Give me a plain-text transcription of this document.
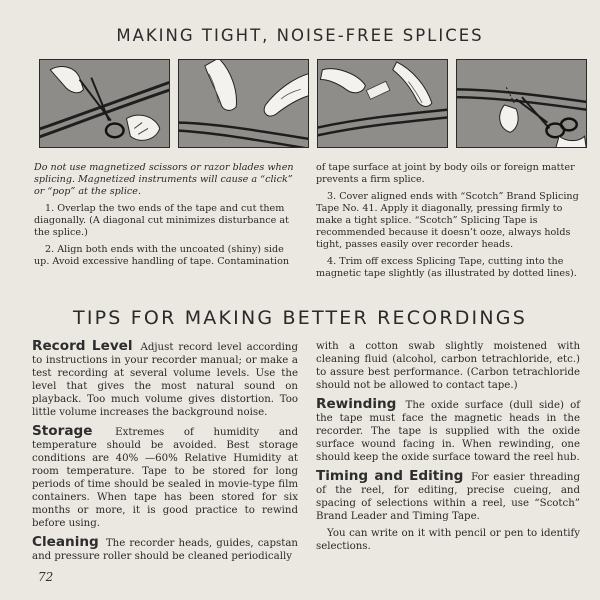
MAKING TIGHT, NOISE-FREE SPLICES

Do not use magnetized scissors or razor blades when splicing. Magnetized instruments will cause a “click” or “pop” at the splice.

1. Overlap the two ends of the tape and cut them diagonally. (A diagonal cut minimizes disturbance at the splice.)

2. Align both ends with the uncoated (shiny) side up. Avoid excessive handling of tape. Contamination

of tape surface at joint by body oils or foreign matter prevents a firm splice.

3. Cover aligned ends with “Scotch” Brand Splicing Tape No. 41. Apply it diagonally, pressing firmly to make a tight splice. “Scotch” Splicing Tape is recommended because it doesn’t ooze, always holds tight, passes easily over recorder heads.

4. Trim off excess Splicing Tape, cutting into the magnetic tape slightly (as illustrated by dotted lines).

TIPS FOR MAKING BETTER RECORDINGS

Record Level Adjust record level according to instructions in your recorder manual; or make a test recording at several volume levels. Use the level that gives the most natural sound on playback. Too much volume gives distortion. Too little volume increases the background noise.

Storage Extremes of humidity and temperature should be avoided. Best storage conditions are 40% —60% Relative Humidity at room temperature. Tape to be stored for long periods of time should be sealed in movie-type film containers. When tape has been stored for six months or more, it is good practice to rewind before using.

Cleaning The recorder heads, guides, capstan and pressure roller should be cleaned periodically

with a cotton swab slightly moistened with cleaning fluid (alcohol, carbon tetrachloride, etc.) to assure best performance. (Carbon tetrachloride should not be allowed to contact tape.)

Rewinding The oxide surface (dull side) of the tape must face the magnetic heads in the recorder. The tape is supplied with the oxide surface wound facing in. When rewinding, one should keep the oxide surface toward the reel hub.

Timing and Editing For easier threading of the reel, for editing, precise cueing, and spacing of selections within a reel, use “Scotch” Brand Leader and Timing Tape.

You can write on it with pencil or pen to identify selections.

72
